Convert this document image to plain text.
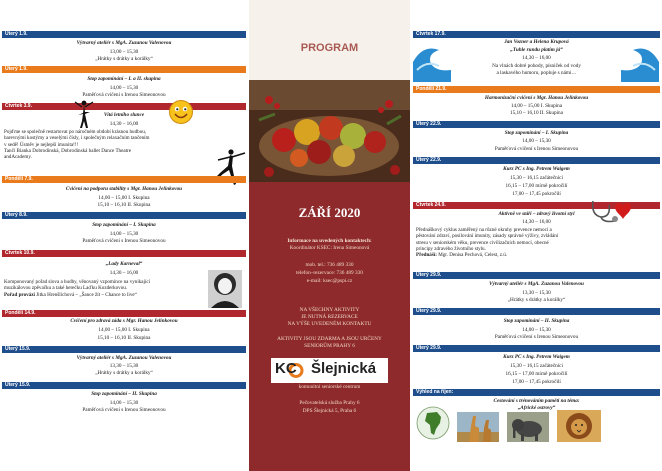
Úterý 1.9.
Výtvarný ateliér s MgA. Zuzanou Valenovou
13,00 – 15,30
„Hrátky s drátky a korálky“
Úterý 1.9.
Stop zapomínání – I. a II. skupina
14,00 – 15,30
Paměťová cvičení s Irenou Simeonovou
Čtvrtek 3.9.
Vítá letního slunce
14,30 – 16,00
Pojďme se společně restartovat po náročném období krásnou hudbou,
barevnými kostýmy a veselými čísly, i společným relaxačním tančením
v sedě! Úsměv je nejlepší imunita!!!
Tančí Bianka Dobrodinská, Dobrodinská ballet Dance Theatre
andAcademy.
Pondělí 7.9.
Cvičení na podporu stability s Mgr. Hanou Jelínkovou
14,00 – 15,00 I. Skupina
15,10 – 16,10 II. Skupina
Úterý 8.9.
Stop zapomínání – I. Skupina
14,00 – 15,30
Paměťová cvičení s Irenou Simeonovou
Čtvrtek 10.9.
„Lady Karneval“
14,30 – 16,00
Komponovaný pořad slova a hudby, věnovaný vzpomínce na vynikající
muzikálovou zpěvačku a také herečku Laďku Kozderkovou.
Pořad provází Jitka Hrenšlichová – „Šance žít – Chance to live“
Pondělí 14.9.
Cvičení pro zdravá záda s Mgr. Hanou Jelínkovou
14,00 – 15,00 I. Skupina
15,10 – 16,10 II. Skupina
Úterý 15.9.
Výtvarný ateliér s MgA. Zuzanou Valenovou
13,30 – 15,30
„Hrátky s drátky a korálky“
Úterý 15.9.
Stop zapomínání – II. Skupina
14,00 – 15,30
Paměťová cvičení s Irenou Simeonovou
PROGRAM
ZÁŘÍ 2020
Informace na uvedených kontaktech:
Koordinátor KSEC: Irena Simeonová
mob. tel.: 736 489 330
telefon–rezervace: 736 489 330
e-mail: ksec@pspi.cz
NA VŠECHNY AKTIVITY
JE NUTNÁ REZERVACE
NA VÝŠE UVEDENÉM KONTAKTU
AKTIVITY JSOU ZDARMA A JSOU URČENY
SENIORŮM PRAHY 6
KC Šlejnická
komunitní seniorské centrum
Pečovatelská služba Prahy 6
DPS Šlejnická 5, Praha 6
Čtvrtek 17.9.
Jan Vozner a Helena Krupová
„Tuhle rundu platím já“
14,30 – 16,00
Na vlnách dobré pohody, písniček od vody
a laskavého humoru, popluje s námi…
Pondělí 21.9.
Harmonizační cvičení s Mgr. Hanou Jelínkovou
14,00 – 15,00 I. Skupina
15,10 – 16,10 II. Skupina
Úterý 22.9.
Stop zapomínání – I. Skupina
14,00 – 15,30
Paměťová cvičení s Irenou Simeonovou
Úterý 22.9.
Kurz PC s Ing. Petrem Waigem
15,30 – 16,15 začátečníci
16,15 – 17,00 mírně pokročilí
17,00 – 17,45 pokročilí
Čtvrtek 24.9.
Aktivně ve stáří – zdravý životní styl
14,30 – 16,00
Přednáškový cyklus zaměřený na různé okruhy prevence nemocí a
pěstování zdraví, posilování imunity, zásady správné výživy, zvládání
stresu v seniorském věku, prevence civilizačních nemocí, obecné
principy zdravého životního stylu.
Přednáší: Mgr. Denisa Pechová, Celest, z.ú.
Úterý 29.9.
Výtvarný ateliér s MgA. Zuzanou Valenovou
13,30 – 15,30
„Hrátky s drátky a korálky“
Úterý 29.9.
Stop zapomínání – II. Skupina
14,00 – 15,30
Paměťová cvičení s Irenou Simeonovou
Úterý 29.9.
Kurz PC s Ing. Petrem Waigem
15,30 – 16,15 začátečníci
16,15 – 17,00 mírně pokročilí
17,00 – 17,45 pokročilí
Výhled na říjen:
Cestování s trénováním paměti na téma:
„Africké ostrovy“
